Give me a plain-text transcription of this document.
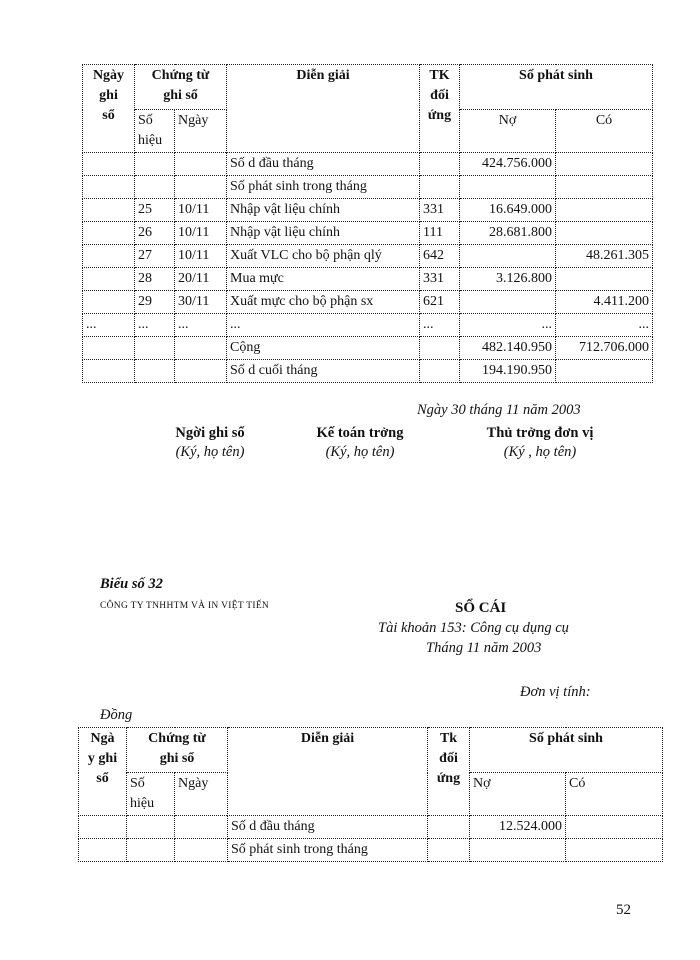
Ngày
ghi
sổ	Chứng từ
ghi sổ		Diễn giải	TK
đối
ứng	Số phát sinh	
	Số
hiệu	Ngày			Nợ	Có
			Số d đầu tháng		424.756.000	
			Số phát sinh trong tháng			
	25	10/11	Nhập vật liệu chính	331	16.649.000	
	26	10/11	Nhập vật liệu chính	111	28.681.800	
	27	10/11	Xuất VLC cho bộ phận qlý	642		48.261.305
	28	20/11	Mua mực	331	3.126.800	
	29	30/11	Xuất mực cho bộ phận sx	621		4.411.200
...	...	...	...	...	...	...
			Cộng		482.140.950	712.706.000
			Số d cuối tháng		194.190.950	
Ngày 30 tháng 11 năm 2003
Ngời ghi sổ
(Ký, họ tên)
Kế toán trởng
(Ký, họ tên)
Thủ trởng đơn vị
(Ký , họ tên)
Biểu số 32
CÔNG TY TNHHTM VÀ IN VIỆT TIẾN	SỔ CÁI
Tài khoản 153: Công cụ dụng cụ
Tháng 11 năm 2003
Đơn vị tính:
Đồng
Ngà
y ghi
sổ	Chứng từ
ghi sổ		Diễn giải	Tk
đối
ứng	Số phát sinh	
	Số
hiệu	Ngày			Nợ	Có
			Số d đầu tháng		12.524.000	
			Số phát sinh trong tháng			
52
